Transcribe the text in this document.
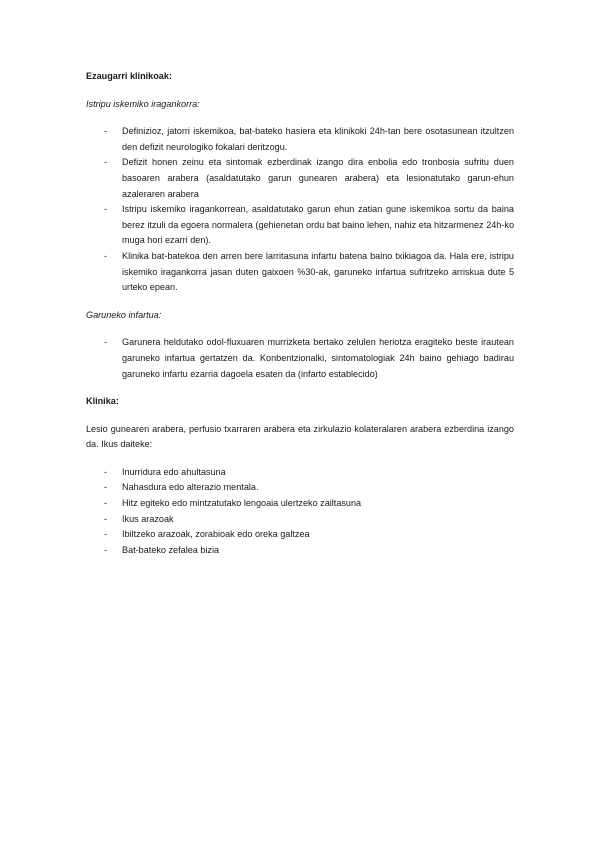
Ezaugarri klinikoak:

Istripu iskemiko iragankorra:

- Definizioz, jatorri iskemikoa, bat-bateko hasiera eta klinikoki 24h-tan bere osotasunean itzultzen den defizit neurologiko fokalari deritzogu.
- Defizit honen zeinu eta sintomak ezberdinak izango dira enbolia edo tronbosia sufritu duen basoaren arabera (asaldatutako garun gunearen arabera) eta lesionatutako garun-ehun azaleraren arabera
- Istripu iskemiko iragankorrean, asaldatutako garun ehun zatian gune iskemikoa sortu da baina berez itzuli da egoera normalera (gehienetan ordu bat baino lehen, nahiz eta hitzarmenez 24h-ko muga hori ezarri den).
- Klinika bat-batekoa den arren bere larritasuna infartu batena baino txikiagoa da. Hala ere, istripu iskemiko iragankorra jasan duten gaixoen %30-ak, garuneko infartua sufritzeko arriskua dute 5 urteko epean.

Garuneko infartua:

- Garunera heldutako odol-fluxuaren murrizketa bertako zelulen heriotza eragiteko beste irautean garuneko infartua gertatzen da. Konbentzionalki, sintomatologiak 24h baino gehiago badirau garuneko infartu ezarria dagoela esaten da (infarto establecido)

Klinika:

Lesio gunearen arabera, perfusio txarraren arabera eta zirkulazio kolateralaren arabera ezberdina izango da. Ikus daiteke:

- Inurridura edo ahultasuna
- Nahasdura edo alterazio mentala.
- Hitz egiteko edo mintzatutako lengoaia ulertzeko zailtasuna
- Ikus arazoak
- Ibiltzeko arazoak, zorabioak edo oreka galtzea
- Bat-bateko zefalea bizia
